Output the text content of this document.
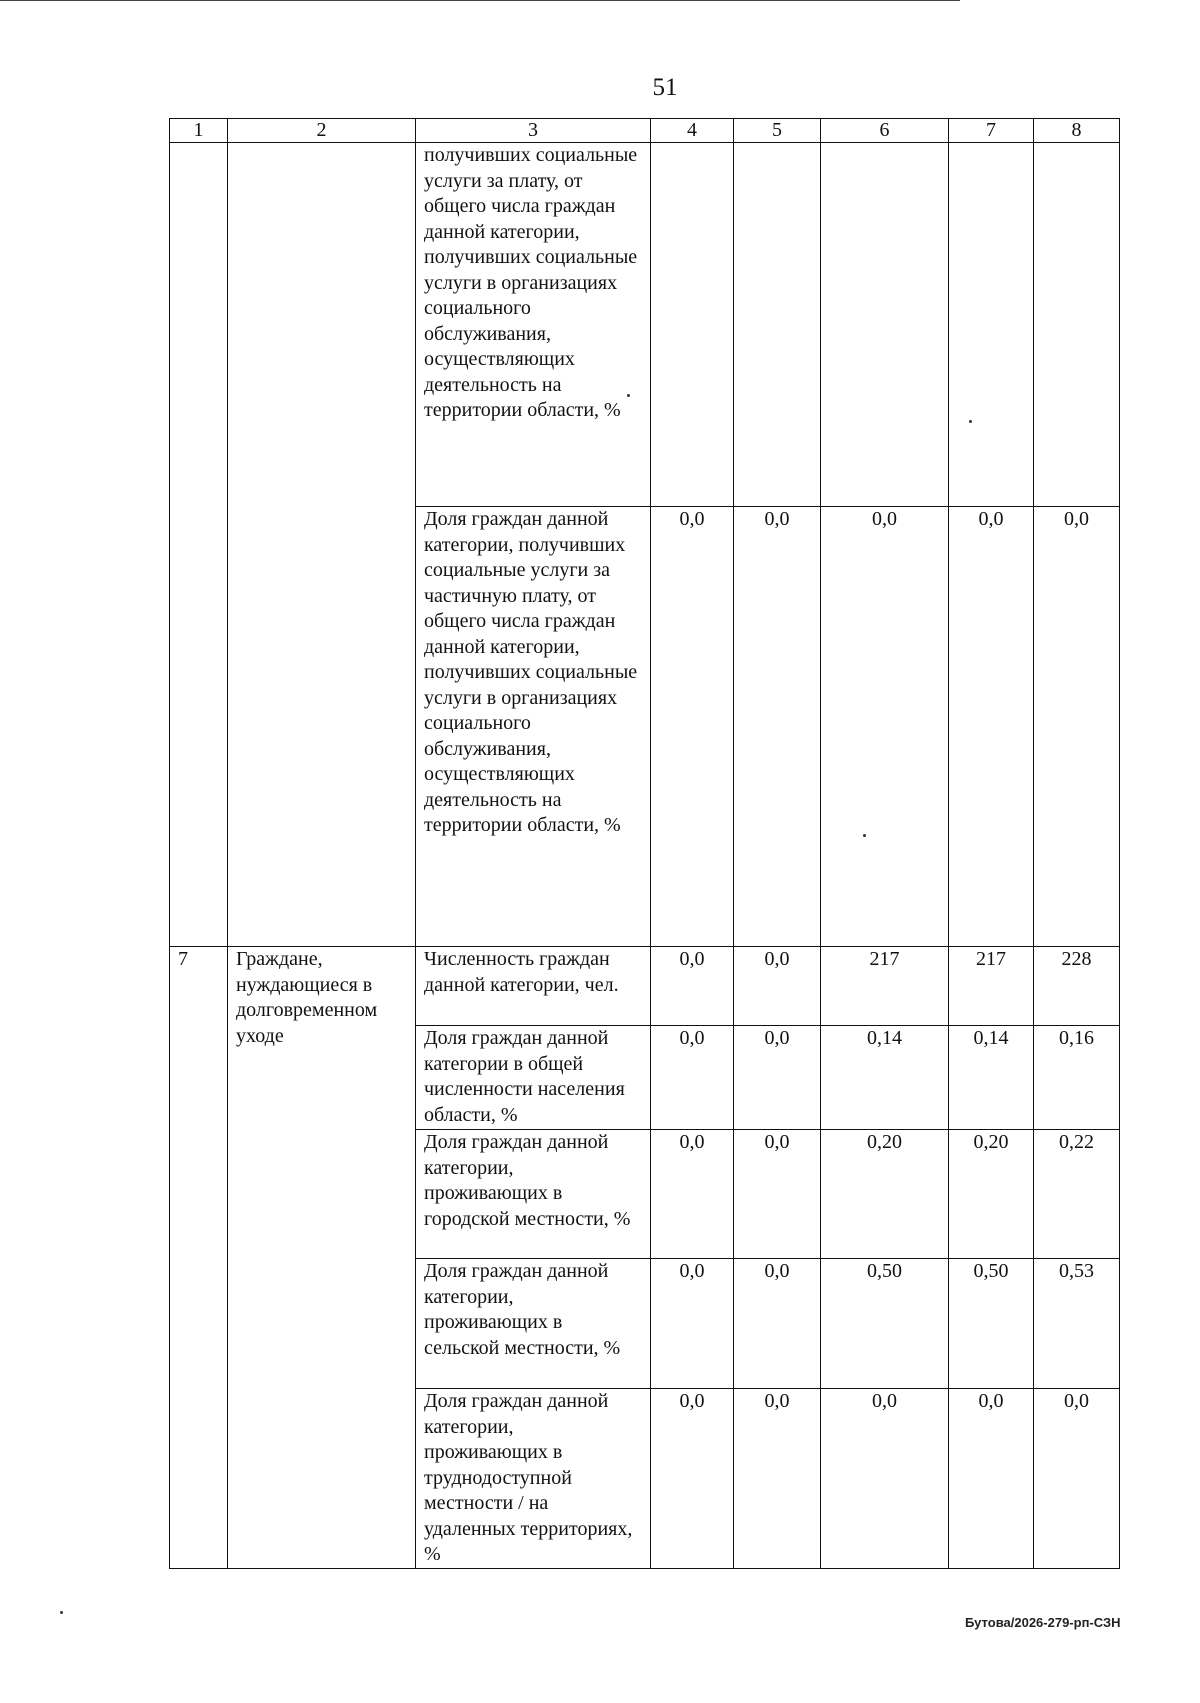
51
1	2	3	4	5	6	7	8
		получивших социальные услуги за плату, от общего числа граждан данной категории, получивших социальные услуги в организациях социального обслуживания, осуществляющих деятельность на территории области, %					
		Доля граждан данной категории, получивших социальные услуги за частичную плату, от общего числа граждан данной категории, получивших социальные услуги в организациях социального обслуживания, осуществляющих деятельность на территории области, %	0,0	0,0	0,0	0,0	0,0
7	Граждане, нуждающиеся в долговременном уходе	Численность граждан данной категории, чел.	0,0	0,0	217	217	228
		Доля граждан данной категории в общей численности населения области, %	0,0	0,0	0,14	0,14	0,16
		Доля граждан данной категории, проживающих в городской местности, %	0,0	0,0	0,20	0,20	0,22
		Доля граждан данной категории, проживающих в сельской местности, %	0,0	0,0	0,50	0,50	0,53
		Доля граждан данной категории, проживающих в труднодоступной местности / на удаленных территориях, %	0,0	0,0	0,0	0,0	0,0
Бутова/2026-279-рп-СЗН
